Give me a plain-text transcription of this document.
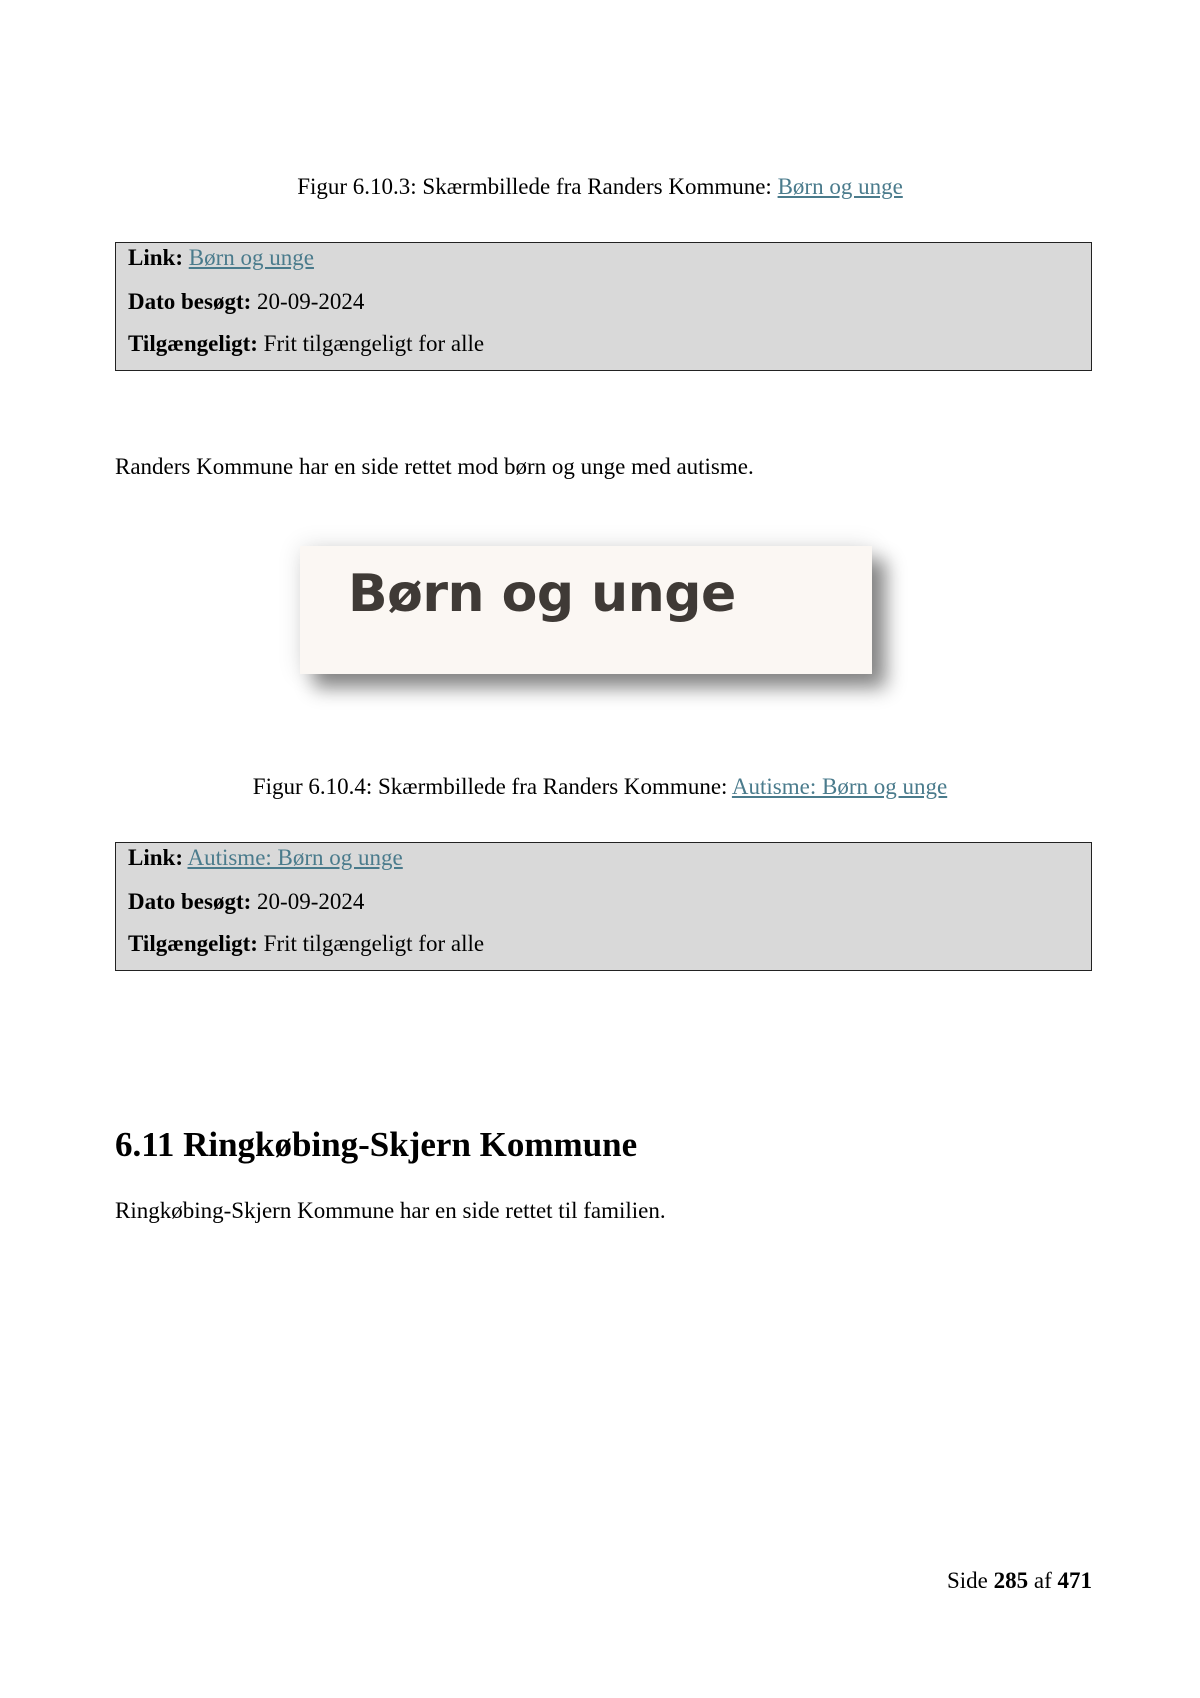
Figur 6.10.3: Skærmbillede fra Randers Kommune: Børn og unge
Link: Børn og unge
Dato besøgt: 20-09-2024
Tilgængeligt: Frit tilgængeligt for alle
Randers Kommune har en side rettet mod børn og unge med autisme.
Børn og unge
Figur 6.10.4: Skærmbillede fra Randers Kommune: Autisme: Børn og unge
Link: Autisme: Børn og unge
Dato besøgt: 20-09-2024
Tilgængeligt: Frit tilgængeligt for alle
6.11 Ringkøbing-Skjern Kommune
Ringkøbing-Skjern Kommune har en side rettet til familien.
Side 285 af 471
